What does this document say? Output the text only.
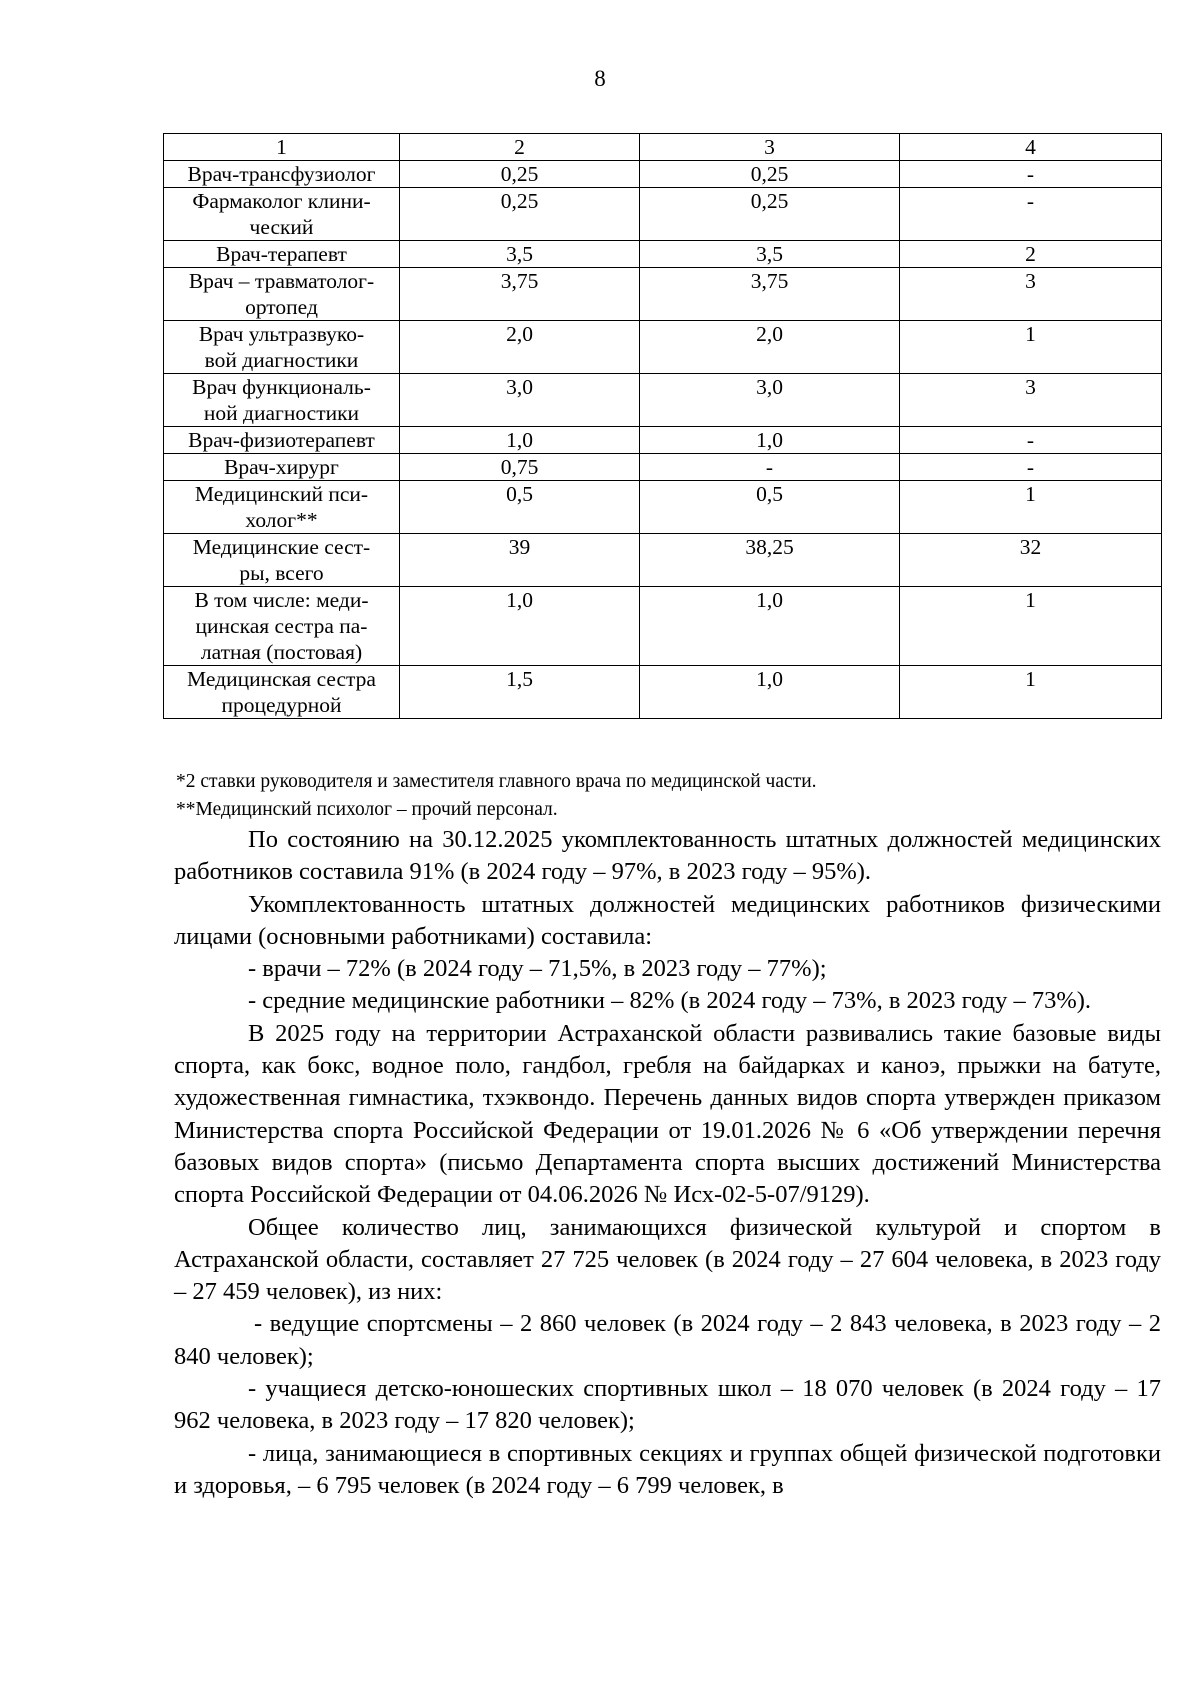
8
1	2	3	4
Врач-трансфузиолог	0,25	0,25	-
Фармаколог клини-
ческий	0,25	0,25	-
Врач-терапевт	3,5	3,5	2
Врач – травматолог-
ортопед	3,75	3,75	3
Врач ультразвуко-
вой диагностики	2,0	2,0	1
Врач функциональ-
ной диагностики	3,0	3,0	3
Врач-физиотерапевт	1,0	1,0	-
Врач-хирург	0,75	-	-
Медицинский пси-
холог**	0,5	0,5	1
Медицинские сест-
ры, всего	39	38,25	32
В том числе: меди-
цинская сестра па-
латная (постовая)	1,0	1,0	1
Медицинская сестра
процедурной	1,5	1,0	1
*2 ставки руководителя и заместителя главного врача по медицинской части.
**Медицинский психолог – прочий персонал.

По состоянию на 30.12.2025 укомплектованность штатных должностей медицинских работников составила 91% (в 2024 году – 97%, в 2023 году – 95%).

Укомплектованность штатных должностей медицинских работников физическими лицами (основными работниками) составила:

- врачи – 72% (в 2024 году – 71,5%, в 2023 году – 77%);

- средние медицинские работники – 82% (в 2024 году – 73%, в 2023 году – 73%).

В 2025 году на территории Астраханской области развивались такие базовые виды спорта, как бокс, водное поло, гандбол, гребля на байдарках и каноэ, прыжки на батуте, художественная гимнастика, тхэквондо. Перечень данных видов спорта утвержден приказом Министерства спорта Российской Федерации от 19.01.2026 № 6 «Об утверждении перечня базовых видов спорта» (письмо Департамента спорта высших достижений Министерства спорта Российской Федерации от 04.06.2026 № Исх-02-5-07/9129).

Общее количество лиц, занимающихся физической культурой и спортом в Астраханской области, составляет 27 725 человек (в 2024 году – 27 604 человека, в 2023 году – 27 459 человек), из них:

- ведущие спортсмены – 2 860 человек (в 2024 году – 2 843 человека, в 2023 году – 2 840 человек);

- учащиеся детско-юношеских спортивных школ – 18 070 человек (в 2024 году – 17 962 человека, в 2023 году – 17 820 человек);

- лица, занимающиеся в спортивных секциях и группах общей физической подготовки и здоровья, – 6 795 человек (в 2024 году – 6 799 человек, в
